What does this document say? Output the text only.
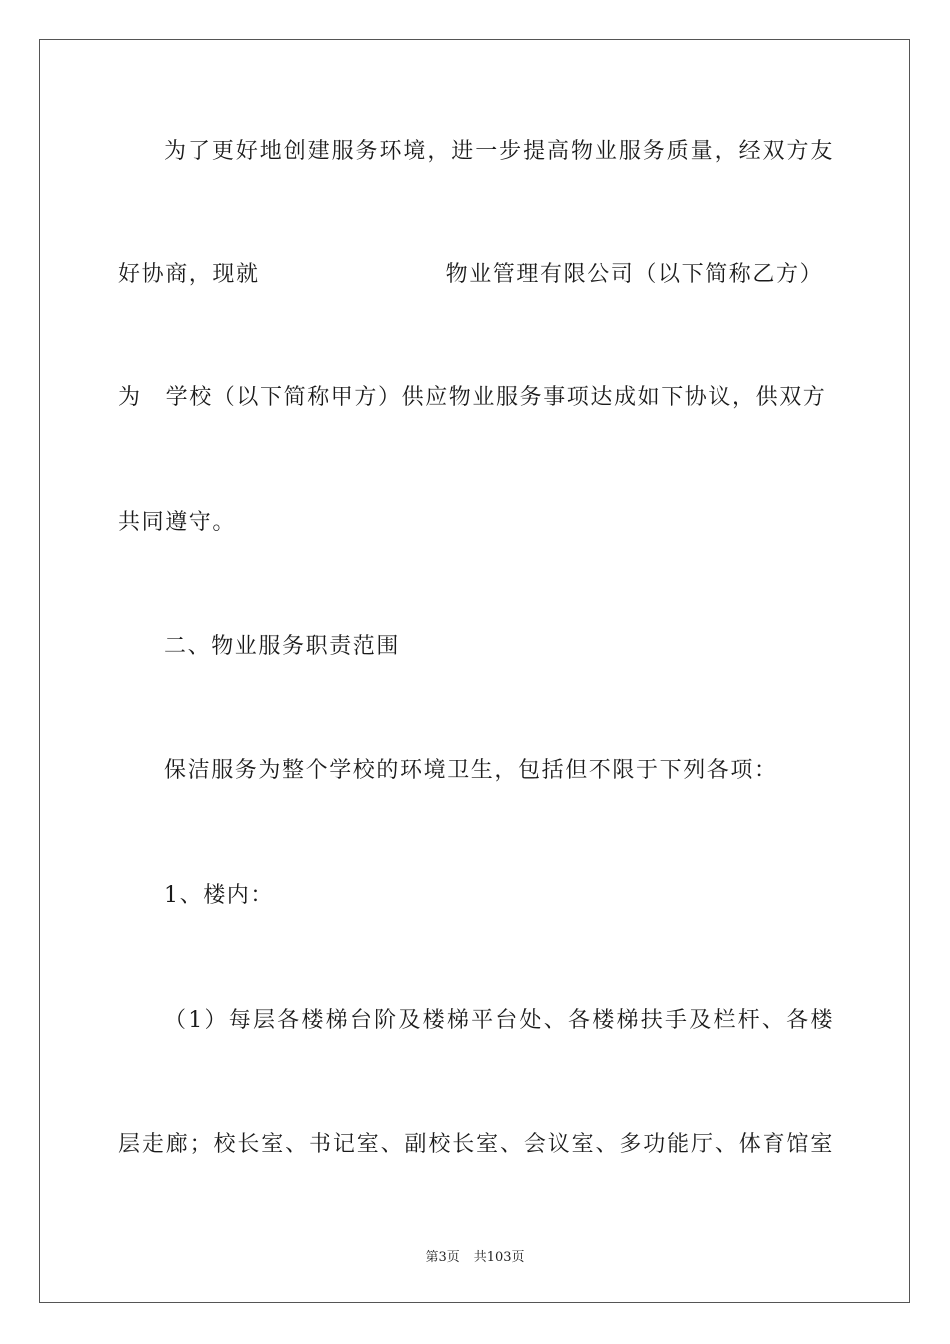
为了更好地创建服务环境，进一步提高物业服务质量，经双方友
好协商，现就	物业管理有限公司（以下简称乙方）
为 学校（以下简称甲方）供应物业服务事项达成如下协议，供双方
共同遵守。
二、物业服务职责范围
保洁服务为整个学校的环境卫生，包括但不限于下列各项：
1、楼内：
（1）每层各楼梯台阶及楼梯平台处、各楼梯扶手及栏杆、各楼
层走廊；校长室、书记室、副校长室、会议室、多功能厅、体育馆室
第3页 共103页
